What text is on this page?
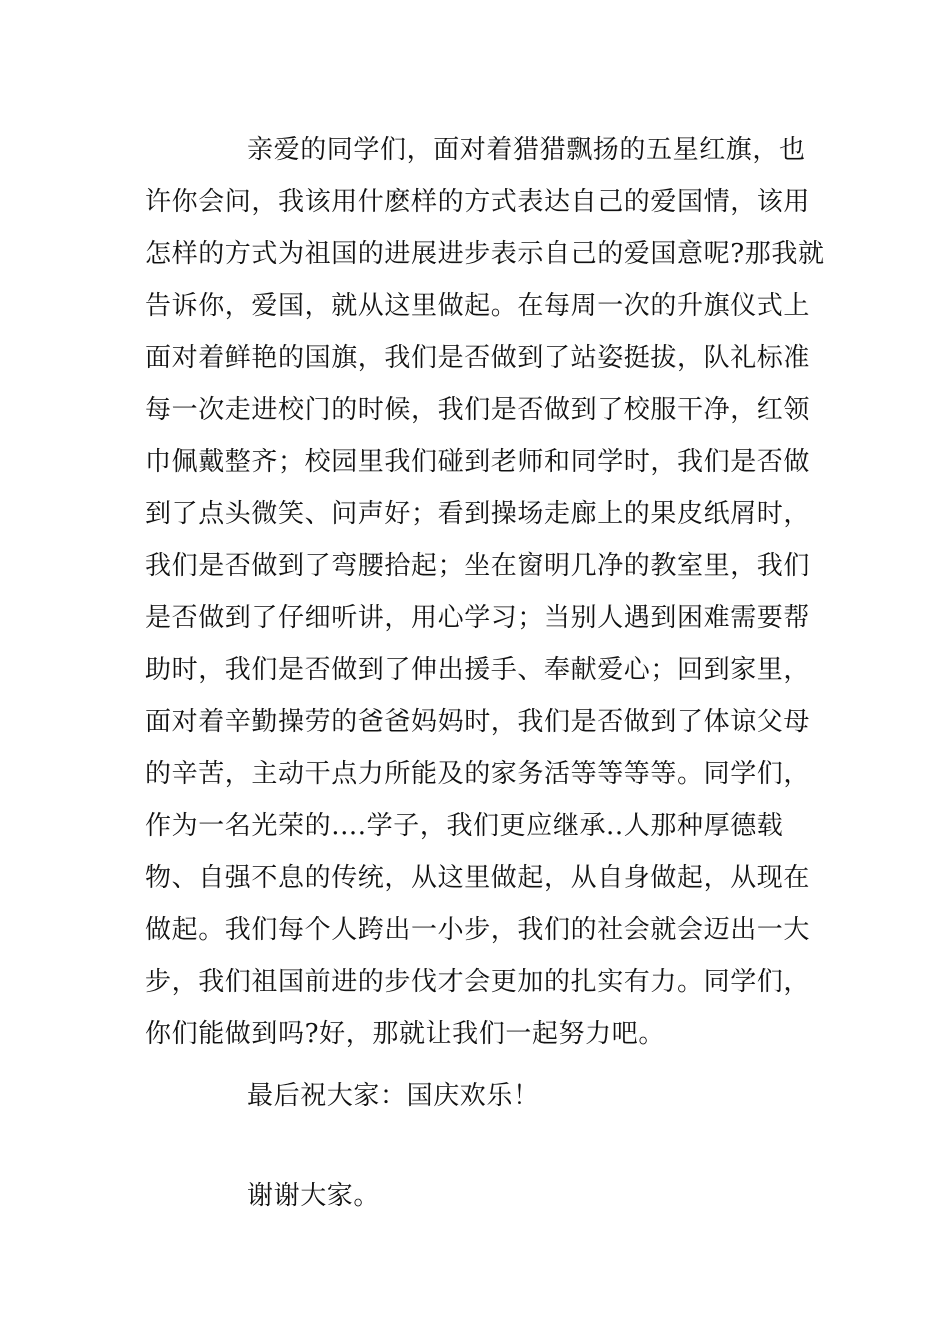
亲爱的同学们，面对着猎猎飘扬的五星红旗，也
许你会问，我该用什麽样的方式表达自己的爱国情，该用
怎样的方式为祖国的进展进步表示自己的爱国意呢?那我就
告诉你，爱国，就从这里做起。在每周一次的升旗仪式上
面对着鲜艳的国旗，我们是否做到了站姿挺拔，队礼标准
每一次走进校门的时候，我们是否做到了校服干净，红领
巾佩戴整齐；校园里我们碰到老师和同学时，我们是否做
到了点头微笑、问声好；看到操场走廊上的果皮纸屑时，
我们是否做到了弯腰拾起；坐在窗明几净的教室里，我们
是否做到了仔细听讲，用心学习；当别人遇到困难需要帮
助时，我们是否做到了伸出援手、奉献爱心；回到家里，
面对着辛勤操劳的爸爸妈妈时，我们是否做到了体谅父母
的辛苦，主动干点力所能及的家务活等等等等。同学们，
作为一名光荣的....学子，我们更应继承..人那种厚德载
物、自强不息的传统，从这里做起，从自身做起，从现在
做起。我们每个人跨出一小步，我们的社会就会迈出一大
步，我们祖国前进的步伐才会更加的扎实有力。同学们，
你们能做到吗?好，那就让我们一起努力吧。
最后祝大家：国庆欢乐！
谢谢大家。
